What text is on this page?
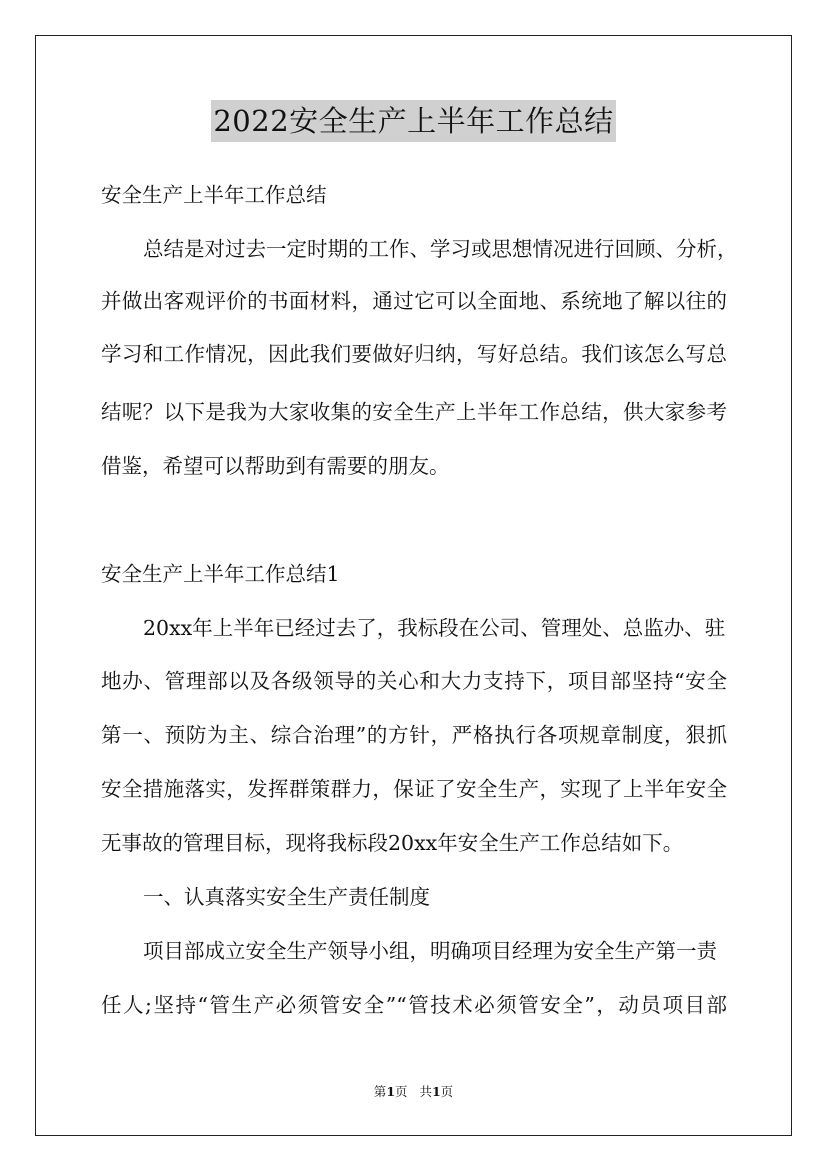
2022安全生产上半年工作总结
安全生产上半年工作总结
总结是对过去一定时期的工作、学习或思想情况进行回顾、分析，
并做出客观评价的书面材料，通过它可以全面地、系统地了解以往的
学习和工作情况，因此我们要做好归纳，写好总结。我们该怎么写总
结呢？以下是我为大家收集的安全生产上半年工作总结，供大家参考
借鉴，希望可以帮助到有需要的朋友。
安全生产上半年工作总结1
20xx年上半年已经过去了，我标段在公司、管理处、总监办、驻
地办、管理部以及各级领导的关心和大力支持下，项目部坚持“安全
第一、预防为主、综合治理”的方针，严格执行各项规章制度，狠抓
安全措施落实，发挥群策群力，保证了安全生产，实现了上半年安全
无事故的管理目标，现将我标段20xx年安全生产工作总结如下。
一、认真落实安全生产责任制度
项目部成立安全生产领导小组，明确项目经理为安全生产第一责
任人;坚持“管生产必须管安全”“管技术必须管安全”，动员项目部
第1页 共1页
